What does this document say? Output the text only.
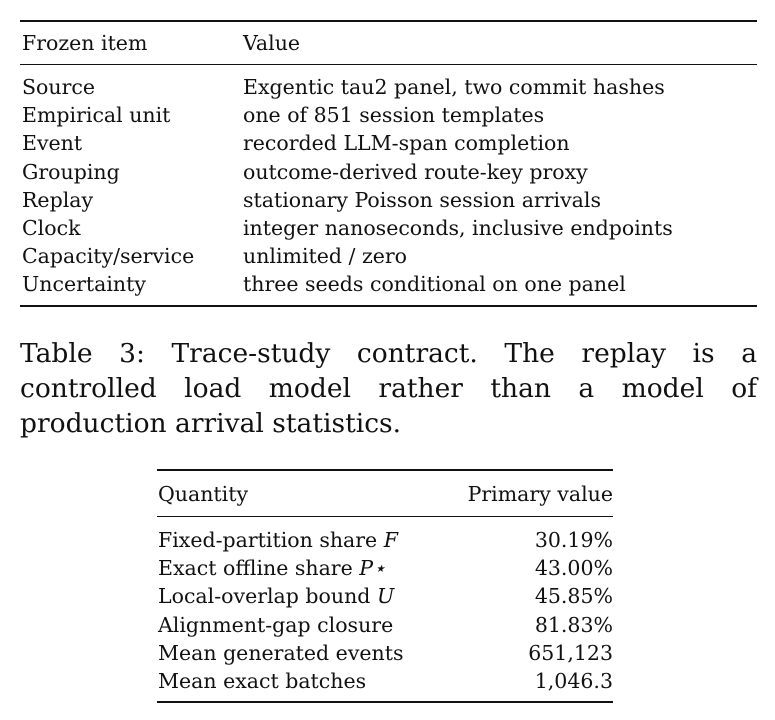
Frozen item	Value
Source	Exgentic tau2 panel, two commit hashes
Empirical unit	one of 851 session templates
Event	recorded LLM-span completion
Grouping	outcome-derived route-key proxy
Replay	stationary Poisson session arrivals
Clock	integer nanoseconds, inclusive endpoints
Capacity/service	unlimited / zero
Uncertainty	three seeds conditional on one panel

Table 3: Trace-study contract. The replay is a controlled load model rather than a model of production arrival statistics.

Quantity	Primary value
Fixed-partition share F	30.19%
Exact offline share P⋆	43.00%
Local-overlap bound U	45.85%
Alignment-gap closure	81.83%
Mean generated events	651,123
Mean exact batches	1,046.3
